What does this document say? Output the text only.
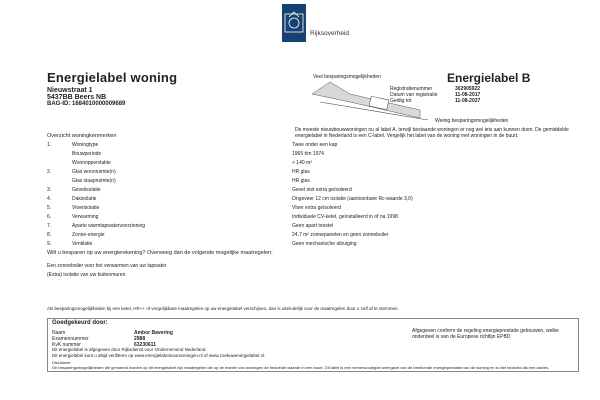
Rijksoverheid
Energielabel woning
Nieuwstraat 1
5437BB Beers NB
BAG-ID: 1684010000009689
Veel besparingsmogelijkheden	Energielabel B
Registratienummer	302905922
Datum van registratie	11-08-2017
Geldig tot	11-08-2027
Weinig besparingsmogelijkheden
De meeste nieuwbouwwoningen nu al label A, terwijl bestaande woningen er nog wel iets aan kunnen doen. De gemiddelde energielabel in Nederland is een C-label. Vergelijk het label van de woning met woningen in de buurt.
Overzicht woningkenmerken
1.	Woningtype	Twee onder een kap
Bouwperiode	1965 t/m 1974
Woonoppervlakte	> 140 m²
2.	Glas woonruimte(n)	HR glas
Glas slaapruimte(n)	HR glas
3.	Gevelisolatie	Gevel niet extra geïsoleerd
4.	Dakisolatie	Ongeveer 12 cm isolatie (aantoonbare Rc-waarde 3,0)
5.	Vloerisolatie	Vloer extra geïsoleerd
6.	Verwarming	Individuele CV-ketel, geïnstalleerd in of na 1998
7.	Aparte warmtapwatervoorziening	Geen apart toestel
8.	Zonne-energie	24,7 m² zonnepanelen en geen zonneboiler
9.	Ventilatie	Geen mechanische afzuiging
Wilt u besparen op uw energierekening? Overweeg dan de volgende mogelijke maatregelen:
Een zonneboiler voor het verwarmen van uw tapwater
(Extra) isolatie van uw buitenmuren
Als besparingsmogelijkheden bij een ketel, HR++ of vergelijkbare maatregelen op uw energielabel verschijnen, dan is uiteindelijk voor de maatregelen door u zelf af te stemmen.
Goedgekeurd door:
Naam	Ambor Bavering
Examennummer	2988
KvK nummer	63230611
Afgegeven conform de regeling energieprestatie gebouwen, welke onderdeel is van de Europese richtlijn EPBD
Dit energielabel is afgegeven door Rijksdienst voor Ondernemend Nederland.
Dit energielabel kunt u altijd verifiëren op www.energielabelvoorwoningen.nl of www.zoekuwenergielabel.nl.
Disclaimer
De besparingsmogelijkheden die genoemd worden op dit energielabel zijn maatregelen die op de manier van woningen de bedoelde waarde in een buurt. Dit label is een vereenvoudigde weergave van de berekende energieprestatie van de woning en is niet bedoeld als een advies.
